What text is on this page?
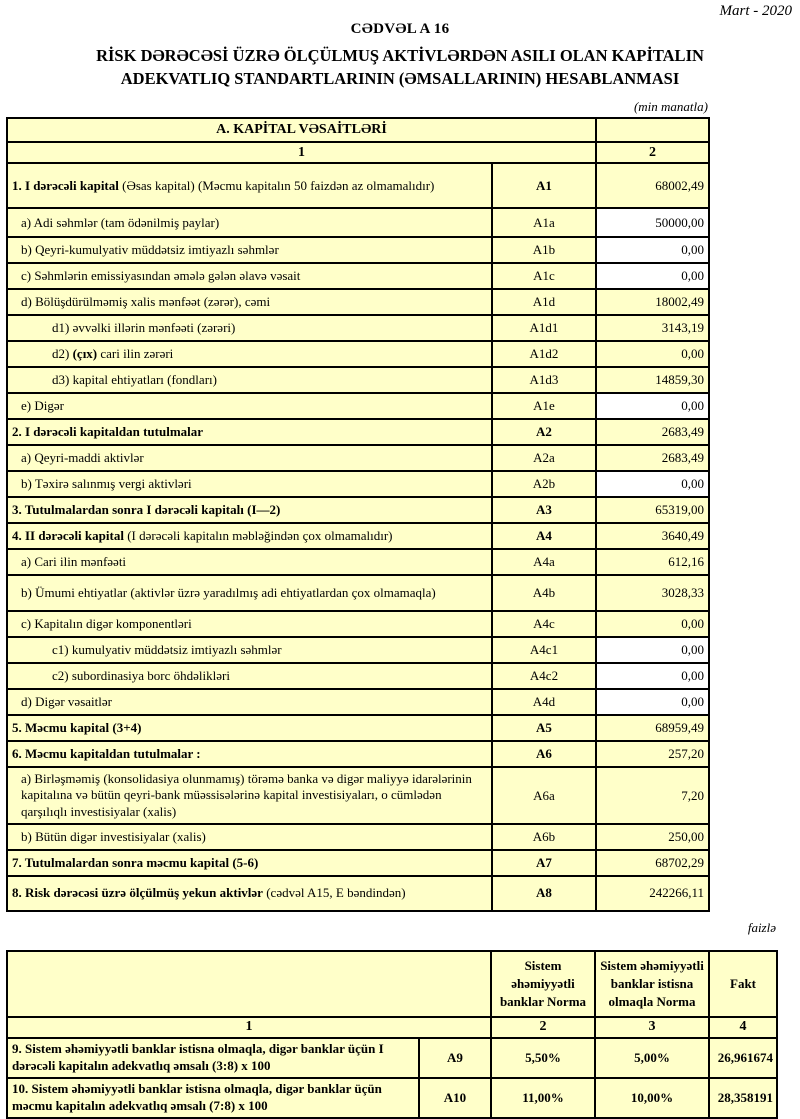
Mart - 2020
CƏDVƏL A 16
RİSK DƏRƏCƏSİ ÜZRƏ ÖLÇÜLMUŞ AKTİVLƏRDƏN ASILI OLAN KAPİTALIN
ADEKVATLIQ STANDARTLARININ (ƏMSALLARININ) HESABLANMASI
(min manatla)
A. KAPİTAL VƏSAİTLƏRİ		
1		2
1. I dərəcəli kapital (Əsas kapital) (Məcmu kapitalın 50 faizdən az olmamalıdır)	A1	68002,49
a) Adi səhmlər (tam ödənilmiş paylar)	A1a	50000,00
b) Qeyri-kumulyativ müddətsiz imtiyazlı səhmlər	A1b	0,00
c) Səhmlərin emissiyasından əmələ gələn əlavə vəsait	A1c	0,00
d) Bölüşdürülməmiş xalis mənfəət (zərər), cəmi	A1d	18002,49
d1) əvvəlki illərin mənfəəti (zərəri)	A1d1	3143,19
d2) (çıx) cari ilin zərəri	A1d2	0,00
d3) kapital ehtiyatları (fondları)	A1d3	14859,30
e) Digər	A1e	0,00
2. I dərəcəli kapitaldan tutulmalar	A2	2683,49
a) Qeyri-maddi aktivlər	A2a	2683,49
b) Təxirə salınmış vergi aktivləri	A2b	0,00
3. Tutulmalardan sonra I dərəcəli kapitalı (I—2)	A3	65319,00
4. II dərəcəli kapital (I dərəcəli kapitalın məbləğindən çox olmamalıdır)	A4	3640,49
a) Cari ilin mənfəəti	A4a	612,16
b) Ümumi ehtiyatlar (aktivlər üzrə yaradılmış adi ehtiyatlardan çox olmamaqla)	A4b	3028,33
c) Kapitalın digər komponentləri	A4c	0,00
c1) kumulyativ müddətsiz imtiyazlı səhmlər	A4c1	0,00
c2) subordinasiya borc öhdəlikləri	A4c2	0,00
d) Digər vəsaitlər	A4d	0,00
5. Məcmu kapital (3+4)	A5	68959,49
6. Məcmu kapitaldan tutulmalar :	A6	257,20
a) Birləşməmiş (konsolidasiya olunmamış) törəmə banka və digər maliyyə idarələrinin kapitalına və bütün qeyri-bank müəssisələrinə kapital investisiyaları, o cümlədən qarşılıqlı investisiyalar (xalis)	A6a	7,20
b) Bütün digər investisiyalar (xalis)	A6b	250,00
7. Tutulmalardan sonra məcmu kapital (5-6)	A7	68702,29
8. Risk dərəcəsi üzrə ölçülmüş yekun aktivlər (cədvəl A15, E bəndindən)	A8	242266,11
faizlə
		Sistem əhəmiyyətli banklar Norma	Sistem əhəmiyyətli banklar istisna olmaqla Norma	Fakt
1		2	3	4
9. Sistem əhəmiyyətli banklar istisna olmaqla, digər banklar üçün I dərəcəli kapitalın adekvatlıq əmsalı (3:8) x 100	A9	5,50%	5,00%	26,961674
10. Sistem əhəmiyyətli banklar istisna olmaqla, digər banklar üçün məcmu kapitalın adekvatlıq əmsalı (7:8) x 100	A10	11,00%	10,00%	28,358191
